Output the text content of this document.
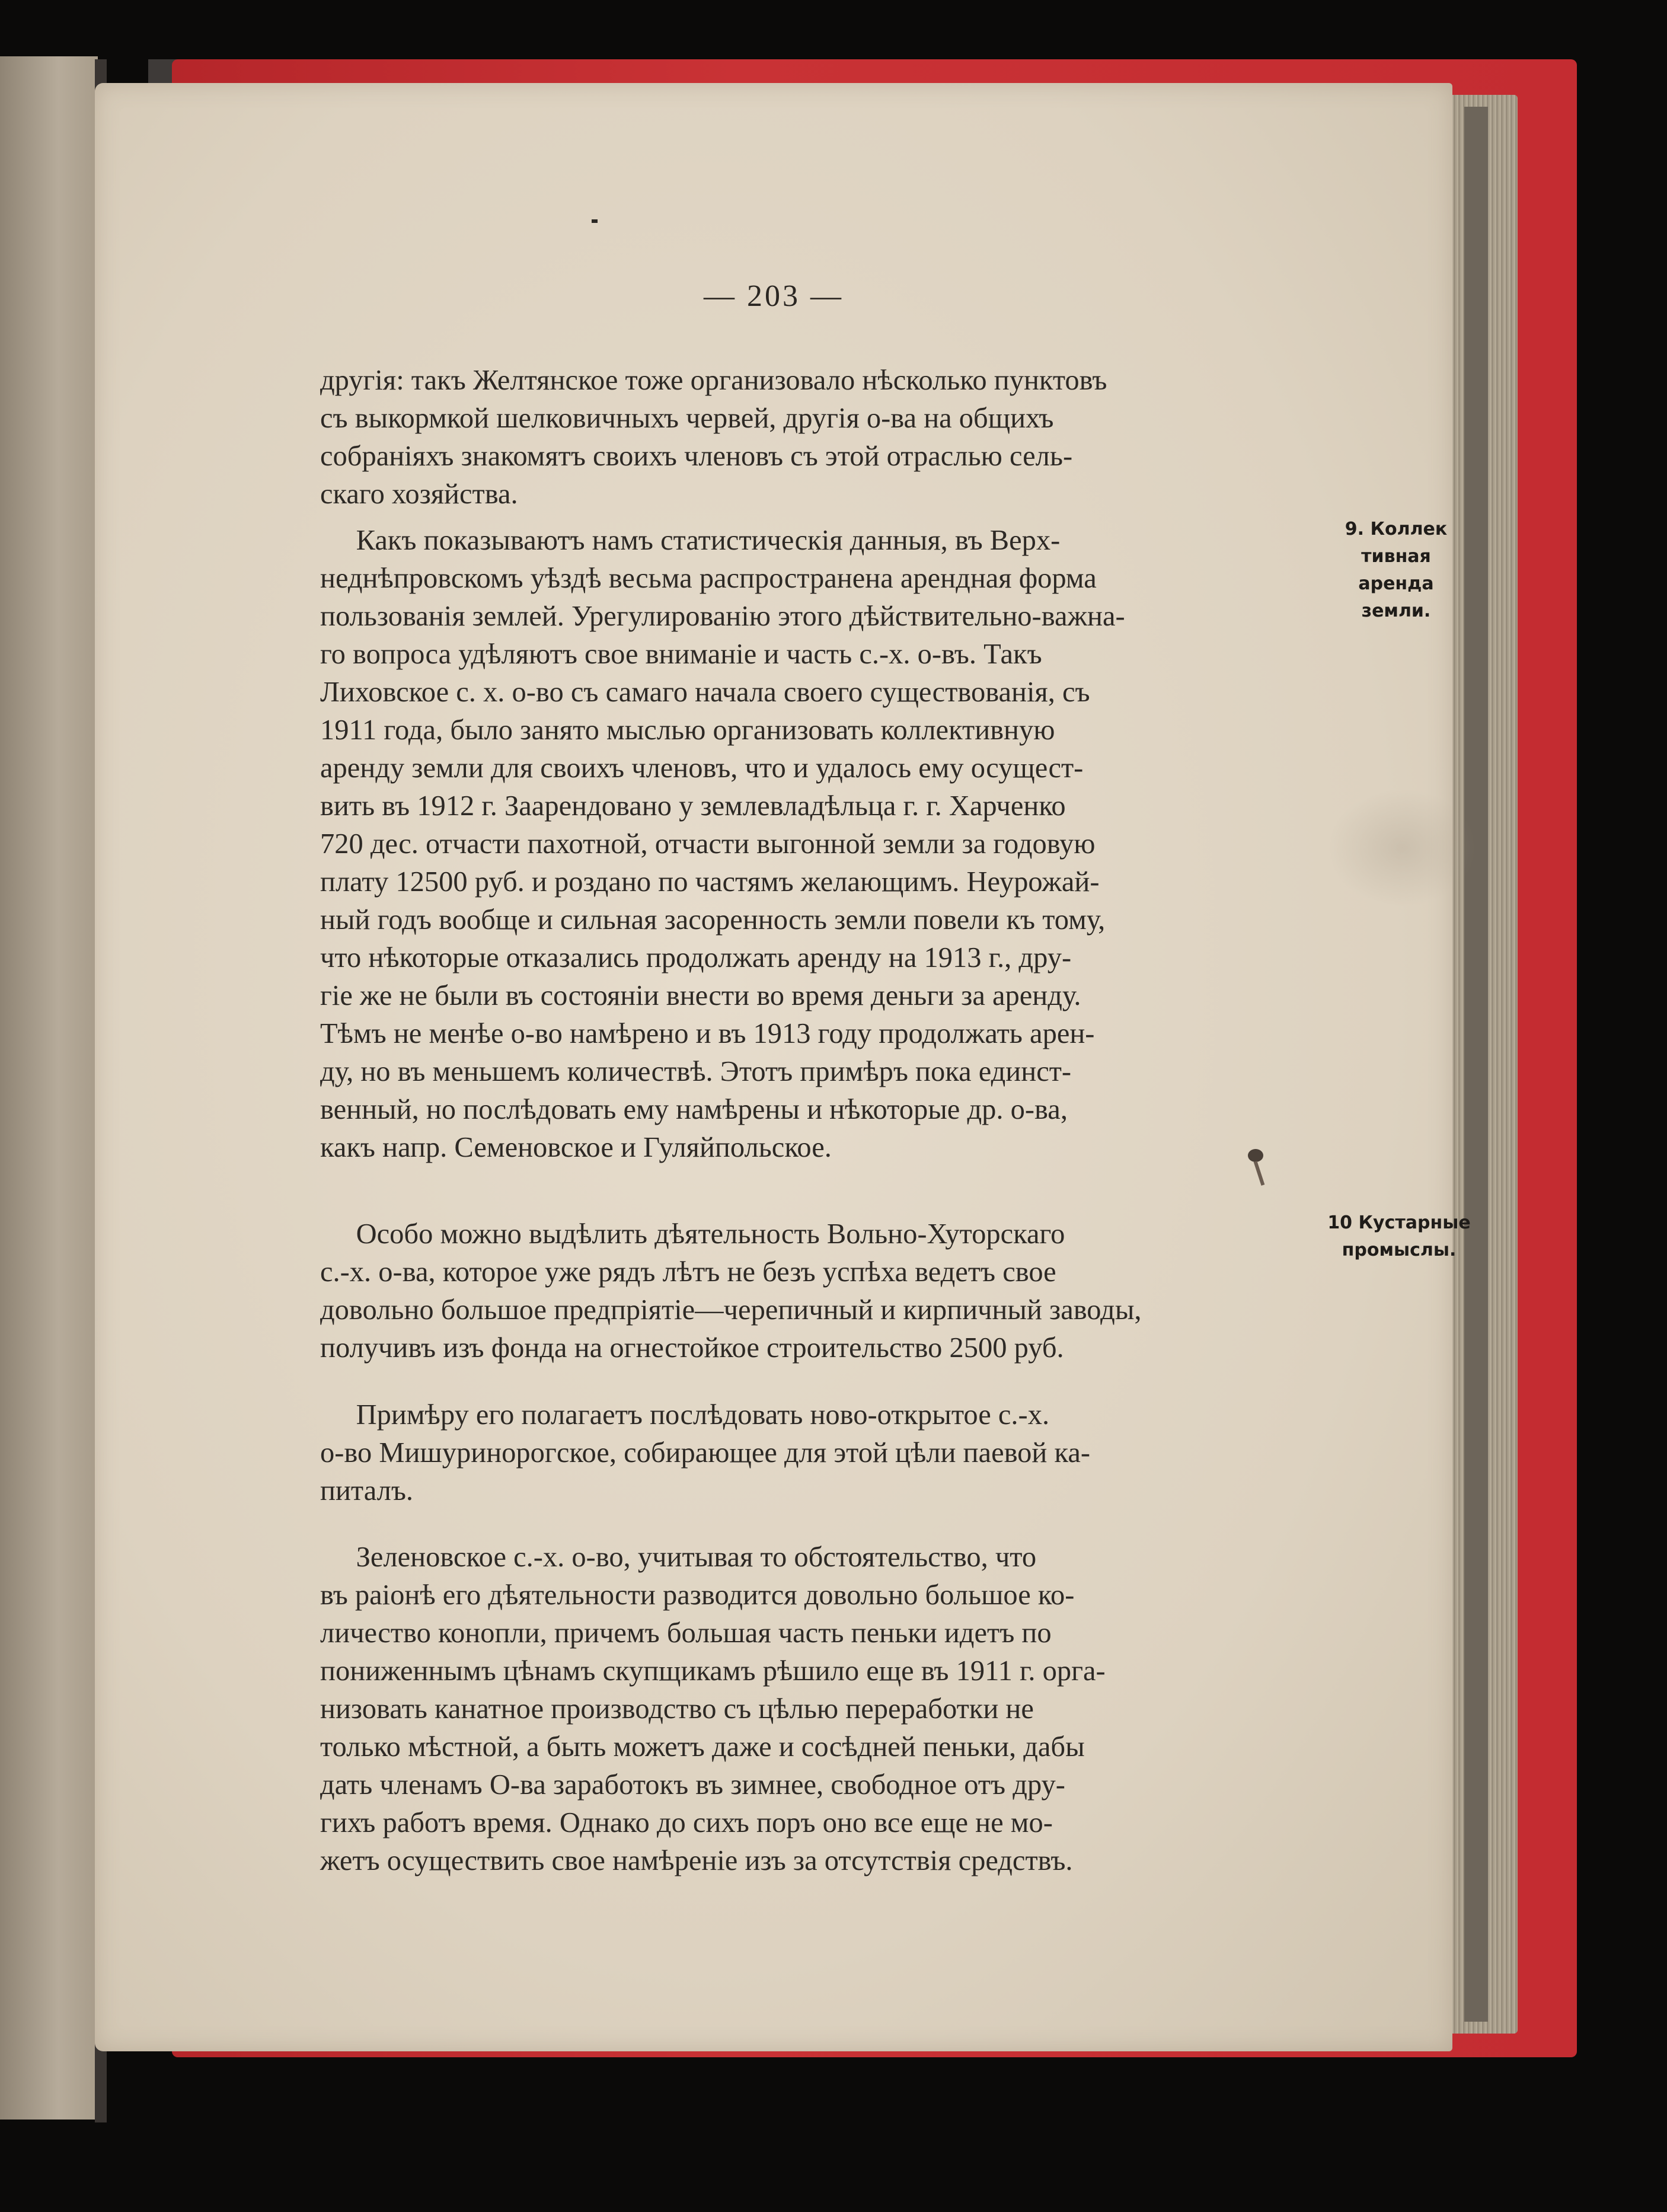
— 203 —

другія: такъ Желтянское тоже организовало нѣсколько пунктовъ
съ выкормкой шелковичныхъ червей, другія о-ва на общихъ
собраніяхъ знакомятъ своихъ членовъ съ этой отраслью сель-
скаго хозяйства.

Какъ показываютъ намъ статистическія данныя, въ Верх-
неднѣпровскомъ уѣздѣ весьма распространена арендная форма
пользованія землей. Урегулированію этого дѣйствительно-важна-
го вопроса удѣляютъ свое вниманіе и часть с.-х. о-въ. Такъ
Лиховское с. х. о-во съ самаго начала своего существованія, съ
1911 года, было занято мыслью организовать коллективную
аренду земли для своихъ членовъ, что и удалось ему осущест-
вить въ 1912 г. Заарендовано у землевладѣльца г. г. Харченко
720 дес. отчасти пахотной, отчасти выгонной земли за годовую
плату 12500 руб. и роздано по частямъ желающимъ. Неурожай-
ный годъ вообще и сильная засоренность земли повели къ тому,
что нѣкоторые отказались продолжать аренду на 1913 г., дру-
гіе же не были въ состояніи внести во время деньги за аренду.
Тѣмъ не менѣе о-во намѣрено и въ 1913 году продолжать арен-
ду, но въ меньшемъ количествѣ. Этотъ примѣръ пока единст-
венный, но послѣдовать ему намѣрены и нѣкоторые др. о-ва,
какъ напр. Семеновское и Гуляйпольское.

Особо можно выдѣлить дѣятельность Вольно-Хуторскаго
с.-х. о-ва, которое уже рядъ лѣтъ не безъ успѣха ведетъ свое
довольно большое предпріятіе—черепичный и кирпичный заводы,
получивъ изъ фонда на огнестойкое строительство 2500 руб.

Примѣру его полагаетъ послѣдовать ново-открытое с.-х.
о-во Мишуринорогское, собирающее для этой цѣли паевой ка-
питалъ.

Зеленовское с.-х. о-во, учитывая то обстоятельство, что
въ раіонѣ его дѣятельности разводится довольно большое ко-
личество конопли, причемъ большая часть пеньки идетъ по
пониженнымъ цѣнамъ скупщикамъ рѣшило еще въ 1911 г. орга-
низовать канатное производство съ цѣлью переработки не
только мѣстной, а быть можетъ даже и сосѣдней пеньки, дабы
дать членамъ О-ва заработокъ въ зимнее, свободное отъ дру-
гихъ работъ время. Однако до сихъ поръ оно все еще не мо-
жетъ осуществить свое намѣреніе изъ за отсутствія средствъ.

9. Коллек
тивная
аренда
земли.
10 Кустарные
промыслы.
